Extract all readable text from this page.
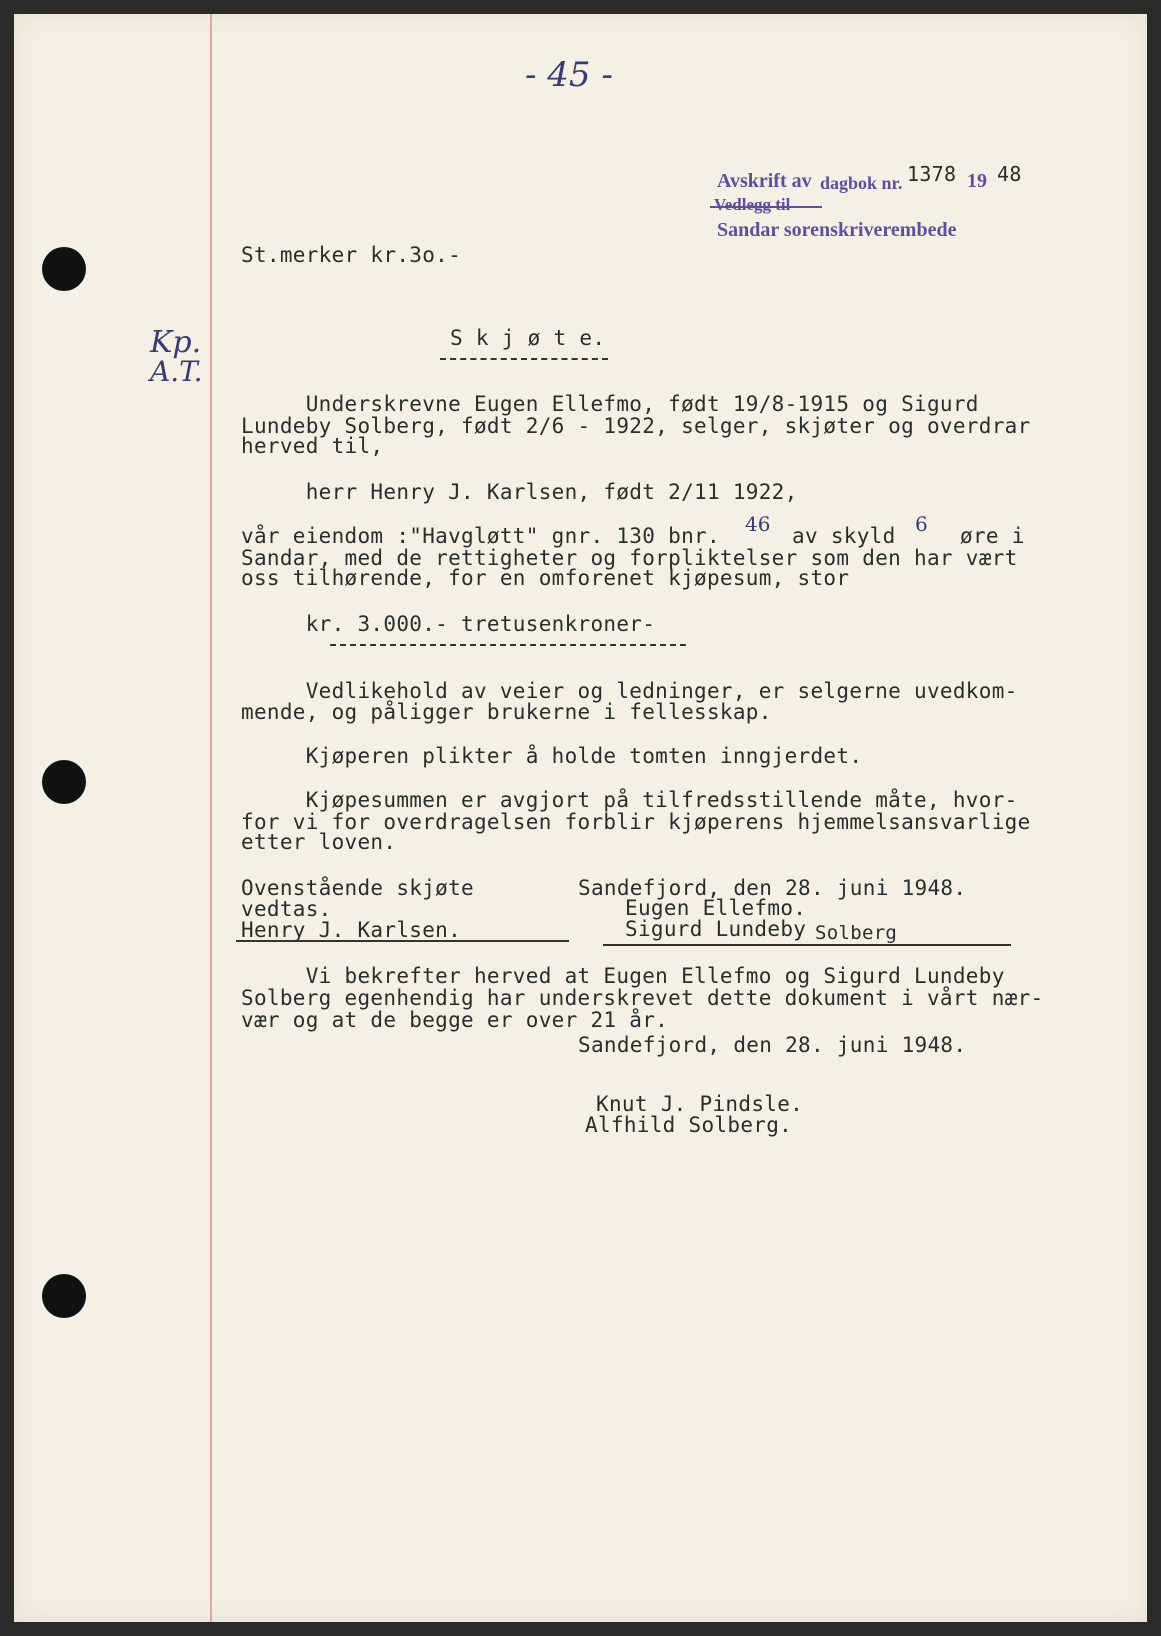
- 45 -
Avskrift av dagbok nr. 1378 19 48
Vedlegg til
Sandar sorenskriverembede
St.merker kr.3o.-
Kp.
A.T.
S k j ø t e.
Underskrevne Eugen Ellefmo, født 19/8-1915 og Sigurd
Lundeby Solberg, født 2/6 - 1922, selger, skjøter og overdrar
herved til,
herr Henry J. Karlsen, født 2/11 1922,
vår eiendom :"Havgløtt" gnr. 130 bnr. 46 av skyld 6 øre i
Sandar, med de rettigheter og forpliktelser som den har vært
oss tilhørende, for en omforenet kjøpesum, stor
kr. 3.000.- tretusenkroner-
Vedlikehold av veier og ledninger, er selgerne uvedkom-
mende, og påligger brukerne i fellesskap.
Kjøperen plikter å holde tomten inngjerdet.
Kjøpesummen er avgjort på tilfredsstillende måte, hvor-
for vi for overdragelsen forblir kjøperens hjemmelsansvarlige
etter loven.
Ovenstående skjøte
vedtas.
Henry J. Karlsen.
Sandefjord, den 28. juni 1948.
Eugen Ellefmo.
Sigurd Lundeby Solberg
Vi bekrefter herved at Eugen Ellefmo og Sigurd Lundeby
Solberg egenhendig har underskrevet dette dokument i vårt nær-
vær og at de begge er over 21 år.
Sandefjord, den 28. juni 1948.
Knut J. Pindsle.
Alfhild Solberg.
